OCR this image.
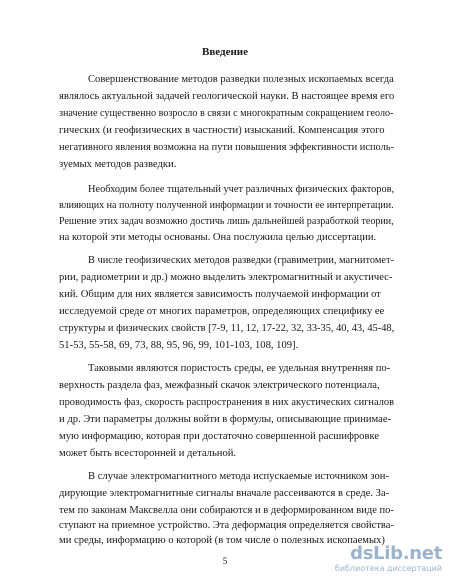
Введение
Совершенствование методов разведки полезных ископаемых всегда
являлось актуальной задачей геологической науки. В настоящее время его
значение существенно возросло в связи с многократным сокращением геоло-
гических (и геофизических в частности) изысканий. Компенсация этого
негативного явления возможна на пути повышения эффективности исполь-
зуемых методов разведки.
Необходим более тщательный учет различных физических факторов,
влияющих на полноту полученной информации и точности ее интерпретации.
Решение этих задач возможно достичь лишь дальнейшей разработкой теории,
на которой эти методы основаны. Она послужила целью диссертации.
В числе геофизических методов разведки (гравиметрии, магнитомет-
рии, радиометрии и др.) можно выделить электромагнитный и акустичес-
кий. Общим для них является зависимость получаемой информации от
исследуемой среде от многих параметров, определяющих специфику ее
структуры и физических свойств [7-9, 11, 12, 17-22, 32, 33-35, 40, 43, 45-48,
51-53, 55-58, 69, 73, 88, 95, 96, 99, 101-103, 108, 109].
Таковыми являются пористость среды, ее удельная внутренняя по-
верхность раздела фаз, межфазный скачок электрического потенциала,
проводимость фаз, скорость распространения в них акустических сигналов
и др. Эти параметры должны войти в формулы, описывающие принимае-
мую информацию, которая при достаточно совершенной расшифровке
может быть всесторонней и детальной.
В случае электромагнитного метода испускаемые источником зон-
дирующие электромагнитные сигналы вначале рассеиваются в среде. За-
тем по законам Максвелла они собираются и в деформированном виде по-
ступают на приемное устройство. Эта деформация определяется свойства-
ми среды, информацию о которой (в том числе о полезных ископаемых)
5	dsLib.net
библиотека диссертаций
